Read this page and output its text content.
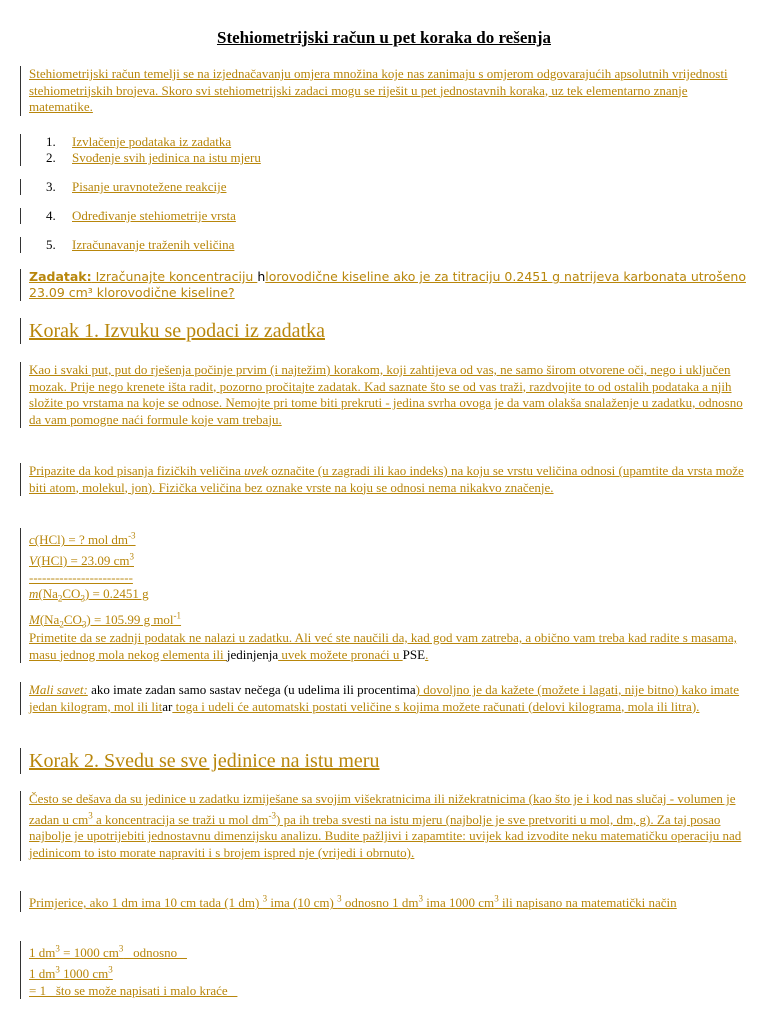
Stehiometrijski račun u pet koraka do rešenja
Stehiometrijski račun temelji se na izjednačavanju omjera množina koje nas zanimaju s omjerom odgovarajućih apsolutnih vrijednosti stehiometrijskih brojeva. Skoro svi stehiometrijski zadaci mogu se riješit u pet jednostavnih koraka, uz tek elementarno znanje matematike.
1. Izvlačenje podataka iz zadatka
2. Svođenje svih jedinica na istu mjeru
3. Pisanje uravnotežene reakcije
4. Određivanje stehiometrije vrsta
5. Izračunavanje traženih veličina
Zadatak: Izračunajte koncentraciju hlorovodične kiseline ako je za titraciju 0.2451 g natrijeva karbonata utrošeno 23.09 cm³ klorovodične kiseline?
Korak 1. Izvuku se podaci iz zadatka
Kao i svaki put, put do rješenja počinje prvim (i najtežim) korakom, koji zahtijeva od vas, ne samo širom otvorene oči, nego i uključen mozak. Prije nego krenete išta radit, pozorno pročitajte zadatak. Kad saznate što se od vas traži, razdvojite to od ostalih podataka a njih složite po vrstama na koje se odnose. Nemojte pri tome biti prekruti - jedina svrha ovoga je da vam olakša snalaženje u zadatku, odnosno da vam pomogne naći formule koje vam trebaju.
Pripazite da kod pisanja fizičkih veličina uvek označite (u zagradi ili kao indeks) na koju se vrstu veličina odnosi (upamtite da vrsta može biti atom, molekul, jon). Fizička veličina bez oznake vrste na koju se odnosi nema nikakvo značenje.
c(HCl) = ? mol $dm^{-3}$
V(HCl) = 23.09 $cm^3$
------------------------
$m(Na_2CO_3) = 0.2451$ g
$M(Na_2CO_3) = 105.99$ g mol$^{-1}$
Primetite da se zadnji podatak ne nalazi u zadatku. Ali već ste naučili da, kad god vam zatreba, a obično vam treba kad radite s masama, masu jednog mola nekog elementa ili jedinjenja uvek možete pronaći u PSE.
Mali savet: ako imate zadan samo sastav nečega (u udelima ili procentima) dovoljno je da kažete (možete i lagati, nije bitno) kako imate jedan kilogram, mol ili litar toga i udeli će automatski postati veličine s kojima možete računati (delovi kilograma, mola ili litra).
Korak 2. Svedu se sve jedinice na istu meru
Često se dešava da su jedinice u zadatku izmiješane sa svojim višekratnicima ili nižekratnicima (kao što je i kod nas slučaj - volumen je zadan u $cm^3$ a koncentracija se traži u mol $dm^{-3}$) pa ih treba svesti na istu mjeru (najbolje je sve pretvoriti u mol, dm, g). Za taj posao najbolje je upotrijebiti jednostavnu dimenzijsku analizu. Budite pažljivi i zapamtite: uvijek kad izvodite neku matematičku operaciju nad jedinicom to isto morate napraviti i s brojem ispred nje (vrijedi i obrnuto).
Primjerice, ako 1 dm ima 10 cm tada (1 dm) $^3$ ima (10 cm) $^3$ odnosno 1 $dm^3$ ima 1000 $cm^3$ ili napisano na matematički način
1 $dm^3 = 1000$ $cm^3$   odnosno
1 $dm^3$ 1000 $cm^3$
= 1   što se može napisati i malo kraće
